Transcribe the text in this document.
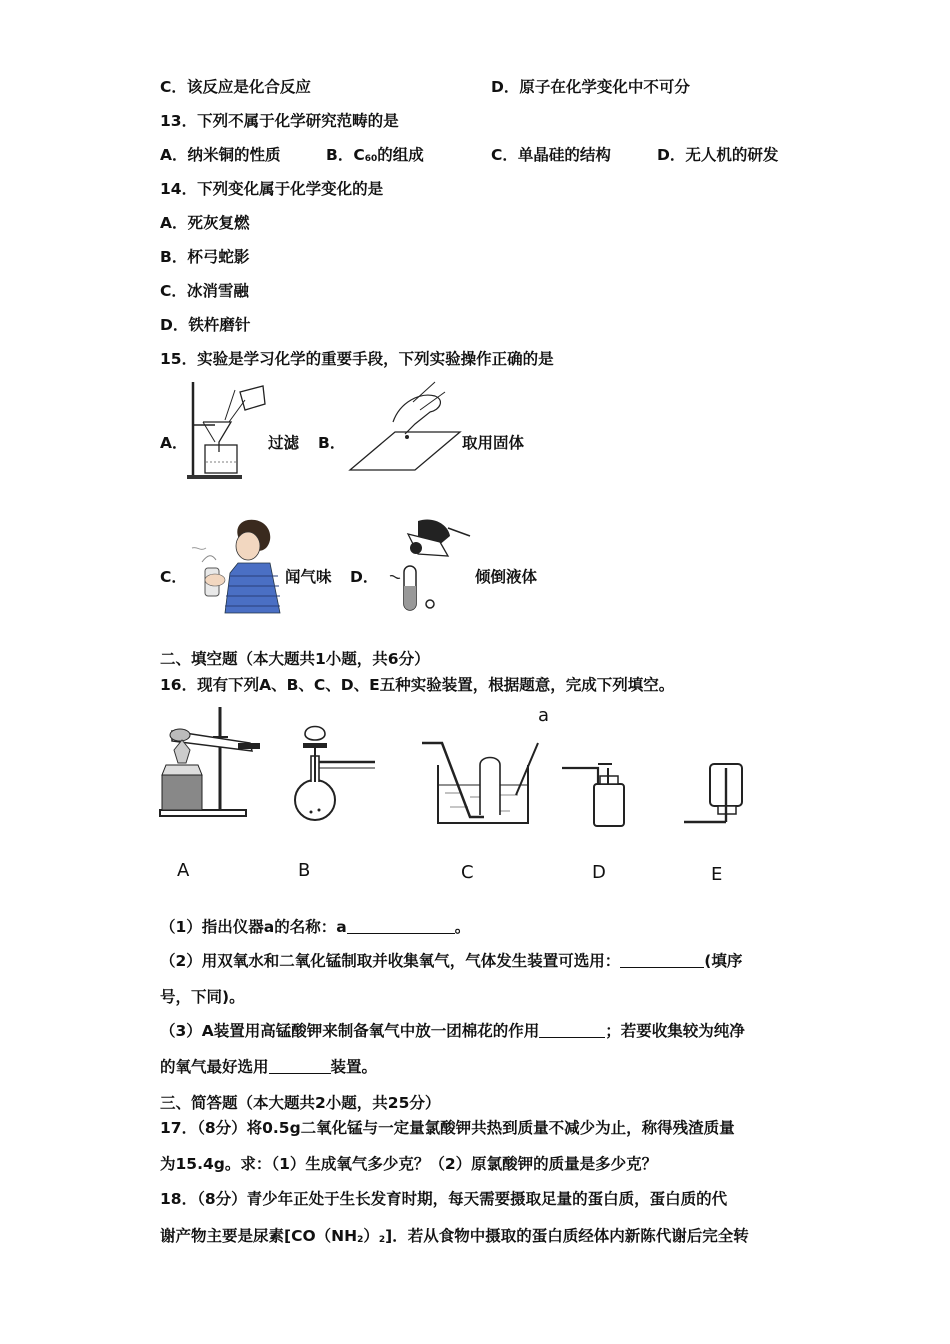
C．该反应是化合反应	D．原子在化学变化中不可分
13．下列不属于化学研究范畴的是
A．纳米铜的性质	B．C60的组成	C．单晶硅的结构	D．无人机的研发
14．下列变化属于化学变化的是
A．死灰复燃
B．杯弓蛇影
C．冰消雪融
D．铁杵磨针
15．实验是学习化学的重要手段，下列实验操作正确的是
A．	过滤 B．	取用固体
C．	闻气味 D．	倾倒液体
二、填空题（本大题共1小题，共6分）
16．现有下列A、B、C、D、E五种实验装置，根据题意，完成下列填空。
A	B
a
C	D	E
（1）指出仪器a的名称：a	。
（2）用双氧水和二氧化锰制取并收集氧气，气体发生装置可选用：	(填序
号，下同)。
（3）A装置用高锰酸钾来制备氧气中放一团棉花的作用	；若要收集较为纯净
的氧气最好选用	装置。
三、简答题（本大题共2小题，共25分）
17．（8分）将0.5g二氧化锰与一定量氯酸钾共热到质量不减少为止，称得残渣质量
为15.4g。求：（1）生成氧气多少克？（2）原氯酸钾的质量是多少克？
18．（8分）青少年正处于生长发育时期，每天需要摄取足量的蛋白质，蛋白质的代
谢产物主要是尿素[CO（NH2）2]．若从食物中摄取的蛋白质经体内新陈代谢后完全转
